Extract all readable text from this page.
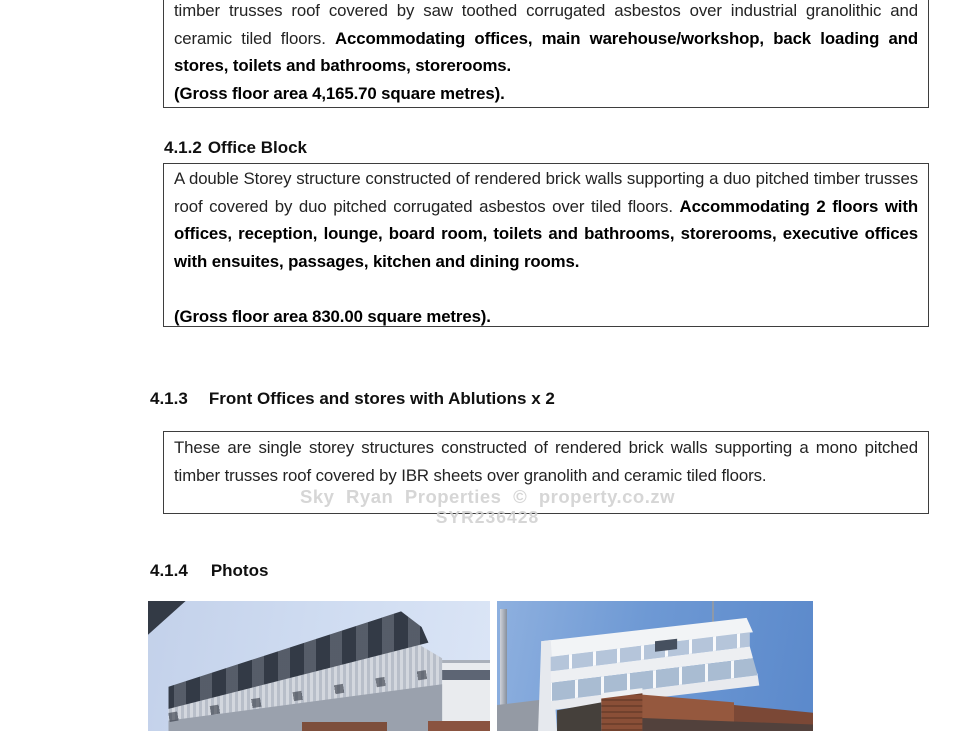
timber trusses roof covered by saw toothed corrugated asbestos over industrial granolithic and ceramic tiled floors. Accommodating offices, main warehouse/workshop, back loading and stores, toilets and bathrooms, storerooms.

(Gross floor area 4,165.70 square metres).

4.1.2 Office Block

A double Storey structure constructed of rendered brick walls supporting a duo pitched timber trusses roof covered by duo pitched corrugated asbestos over tiled floors. Accommodating 2 floors with offices, reception, lounge, board room, toilets and bathrooms, storerooms, executive offices with ensuites, passages, kitchen and dining rooms.

(Gross floor area 830.00 square metres).

4.1.3 Front Offices and stores with Ablutions x 2

These are single storey structures constructed of rendered brick walls supporting a mono pitched timber trusses roof covered by IBR sheets over granolith and ceramic tiled floors.

Sky Ryan Properties © property.co.zw
SYR236428
4.1.4 Photos
